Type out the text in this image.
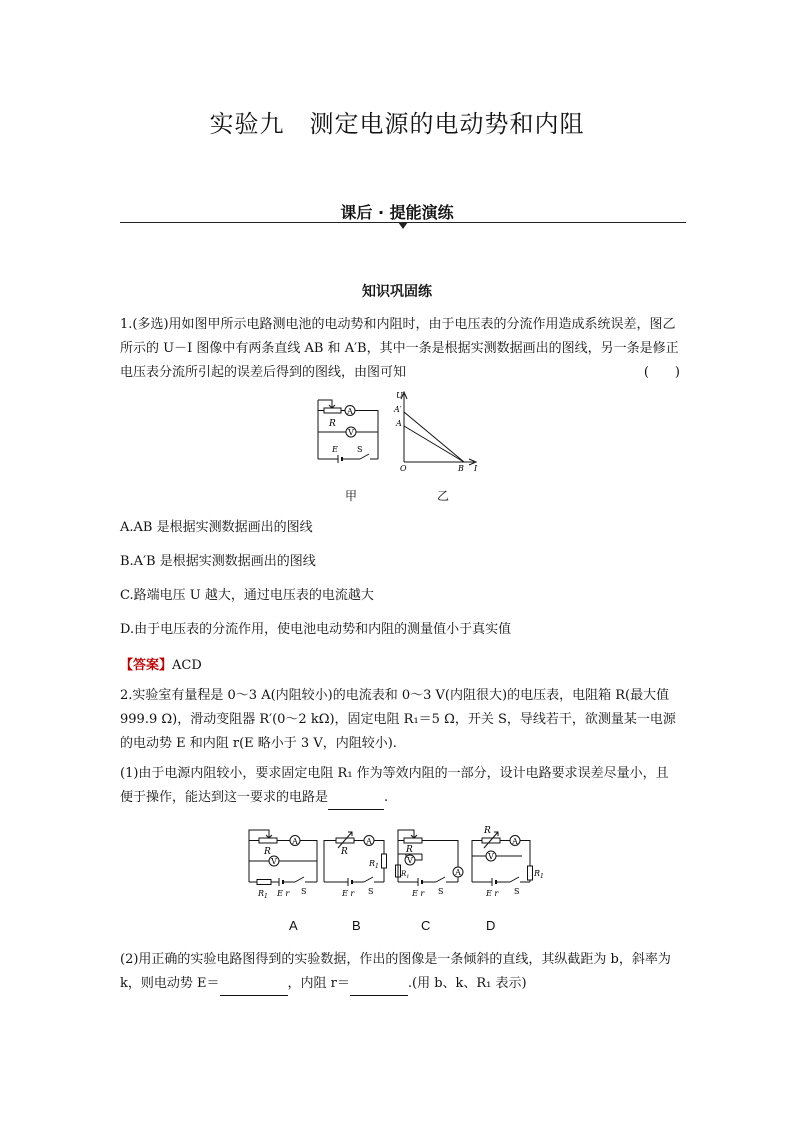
实验九　测定电源的电动势和内阻
课后 · 提能演练
知识巩固练
1.(多选)用如图甲所示电路测电池的电动势和内阻时，由于电压表的分流作用造成系统误差，图乙所示的 U－I 图像中有两条直线 AB 和 A′B，其中一条是根据实测数据画出的图线，另一条是修正电压表分流所引起的误差后得到的图线，由图可知	(　　)
A
V
R
E S
U
A′
A
O	B I
甲	乙
A.AB 是根据实测数据画出的图线
B.A′B 是根据实测数据画出的图线
C.路端电压 U 越大，通过电压表的电流越大
D.由于电压表的分流作用，使电池电动势和内阻的测量值小于真实值
【答案】ACD
2.实验室有量程是 0～3 A(内阻较小)的电流表和 0～3 V(内阻很大)的电压表，电阻箱 R(最大值 999.9 Ω)，滑动变阻器 R′(0～2 kΩ)，固定电阻 R₁＝5 Ω，开关 S，导线若干，欲测量某一电源的电动势 E 和内阻 r(E 略小于 3 V，内阻较小).
(1)由于电源内阻较小，要求固定电阻 R₁ 作为等效内阻的一部分，设计电路要求误差尽量小，且便于操作，能达到这一要求的电路是	.
A
V
R
$R_1$ E r S
A
R
$R_1$
E r S
A
V
R
$R_1$
E r S
A
V
R
$R_1$
E r S
A	B	C	D
(2)用正确的实验电路图得到的实验数据，作出的图像是一条倾斜的直线，其纵截距为 b，斜率为 k，则电动势 E＝	，内阻 r＝	.(用 b、k、R₁ 表示)
